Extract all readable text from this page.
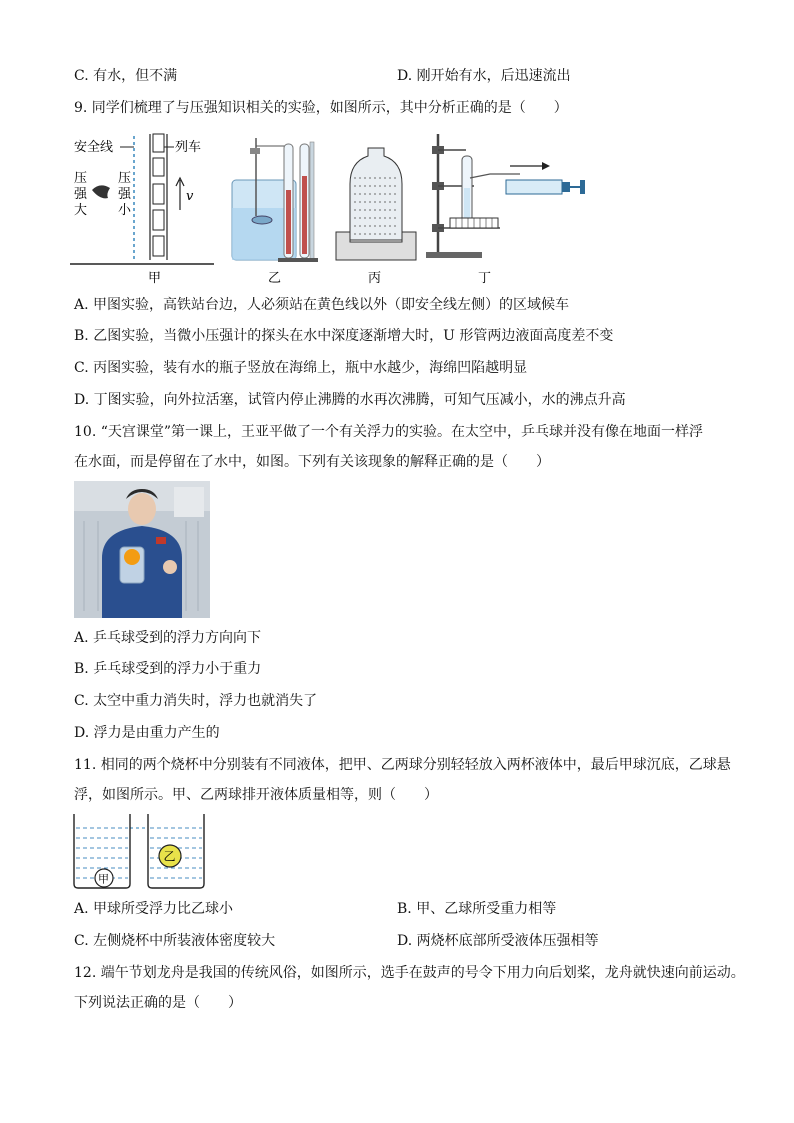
C. 有水，但不满	D. 刚开始有水，后迅速流出
9. 同学们梳理了与压强知识相关的实验，如图所示，其中分析正确的是（　　）
安全线	列车
压
强
大
压
强
小
v
甲	乙	丙	丁
A. 甲图实验，高铁站台边，人必须站在黄色线以外（即安全线左侧）的区域候车
B. 乙图实验，当微小压强计的探头在水中深度逐渐增大时，U 形管两边液面高度差不变
C. 丙图实验，装有水的瓶子竖放在海绵上，瓶中水越少，海绵凹陷越明显
D. 丁图实验，向外拉活塞，试管内停止沸腾的水再次沸腾，可知气压减小，水的沸点升高
10. “天宫课堂”第一课上，王亚平做了一个有关浮力的实验。在太空中，乒乓球并没有像在地面一样浮
在水面，而是停留在了水中，如图。下列有关该现象的解释正确的是（　　）
A. 乒乓球受到的浮力方向向下
B. 乒乓球受到的浮力小于重力
C. 太空中重力消失时，浮力也就消失了
D. 浮力是由重力产生的
11. 相同的两个烧杯中分别装有不同液体，把甲、乙两球分别轻轻放入两杯液体中，最后甲球沉底，乙球悬
浮，如图所示。甲、乙两球排开液体质量相等，则（　　）
甲
乙
A. 甲球所受浮力比乙球小	B. 甲、乙球所受重力相等
C. 左侧烧杯中所装液体密度较大	D. 两烧杯底部所受液体压强相等
12. 端午节划龙舟是我国的传统风俗，如图所示，选手在鼓声的号令下用力向后划桨，龙舟就快速向前运动。
下列说法正确的是（　　）
